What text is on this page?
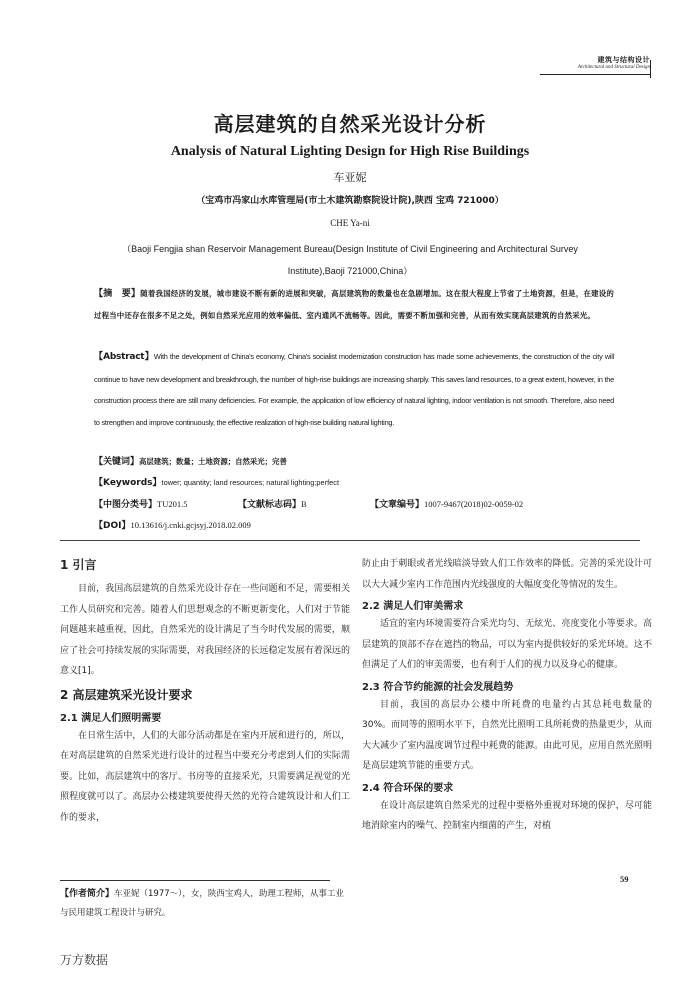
建筑与结构设计
Architectural and Structural Design
高层建筑的自然采光设计分析
Analysis of Natural Lighting Design for High Rise Buildings
车亚妮
（宝鸡市冯家山水库管理局(市土木建筑勘察院设计院),陕西 宝鸡 721000）
CHE Ya-ni
（Baoji Fengjia shan Reservoir Management Bureau(Design Institute of Civil Engineering and Architectural Survey Institute),Baoji 721000,China）
【摘　要】随着我国经济的发展，城市建设不断有新的进展和突破，高层建筑物的数量也在急剧增加。这在很大程度上节省了土地资源，但是，在建设的过程当中还存在很多不足之处，例如自然采光应用的效率偏低、室内通风不流畅等。因此，需要不断加强和完善，从而有效实现高层建筑的自然采光。
【Abstract】With the development of China's economy, China's socialist modernization construction has made some achievements, the construction of the city will continue to have new development and breakthrough, the number of high-rise buildings are increasing sharply. This saves land resources, to a great extent, however, in the construction process there are still many deficiencies. For example, the application of low efficiency of natural lighting, indoor ventilation is not smooth. Therefore, also need to strengthen and improve continuously, the effective realization of high-rise building natural lighting.
【关键词】高层建筑；数量；土地资源；自然采光；完善
【Keywords】tower; quantity; land resources; natural lighting;perfect
【中图分类号】TU201.5	【文献标志码】B	【文章编号】1007-9467(2018)02-0059-02
【DOI】10.13616/j.cnki.gcjsyj.2018.02.009
1 引言
目前，我国高层建筑的自然采光设计存在一些问题和不足，需要相关工作人员研究和完善。随着人们思想观念的不断更新变化，人们对于节能问题越来越重视，因此，自然采光的设计满足了当今时代发展的需要，顺应了社会可持续发展的实际需要，对我国经济的长远稳定发展有着深远的意义[1]。
2 高层建筑采光设计要求
2.1 满足人们照明需要
在日常生活中，人们的大部分活动都是在室内开展和进行的，所以，在对高层建筑的自然采光进行设计的过程当中要充分考虑到人们的实际需要。比如，高层建筑中的客厅、书房等的直接采光，只需要满足视觉的光照程度就可以了。高层办公楼建筑要使得天然的光符合建筑设计和人们工作的要求，
防止由于刺眼或者光线暗淡导致人们工作效率的降低。完善的采光设计可以大大减少室内工作范围内光线强度的大幅度变化等情况的发生。
2.2 满足人们审美需求
适宜的室内环境需要符合采光均匀、无炫光、亮度变化小等要求。高层建筑的顶部不存在遮挡的物品，可以为室内提供较好的采光环境。这不但满足了人们的审美需要，也有利于人们的视力以及身心的健康。
2.3 符合节约能源的社会发展趋势
目前，我国的高层办公楼中所耗费的电量约占其总耗电数量的 30%。而同等的照明水平下，自然光比照明工具所耗费的热量更少，从而大大减少了室内温度调节过程中耗费的能源。由此可见，应用自然光照明是高层建筑节能的重要方式。
2.4 符合环保的要求
在设计高层建筑自然采光的过程中要格外重视对环境的保护，尽可能地消除室内的噪气、控制室内细菌的产生，对植
【作者简介】车亚妮（1977～），女，陕西宝鸡人，助理工程师，从事工业与民用建筑工程设计与研究。
59
万方数据
